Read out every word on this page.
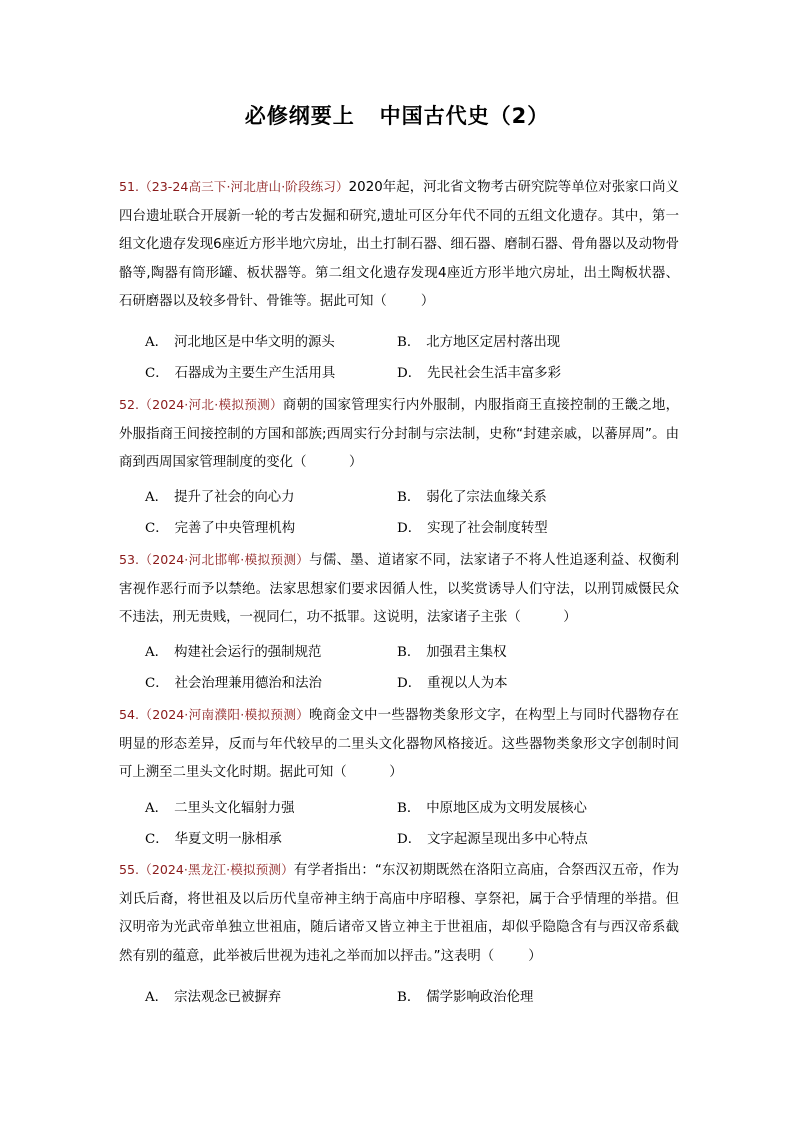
必修纲要上   中国古代史（2）
51.（23-24高三下·河北唐山·阶段练习）2020年起，河北省文物考古研究院等单位对张家口尚义四台遗址联合开展新一轮的考古发掘和研究,遗址可区分年代不同的五组文化遗存。其中，第一组文化遗存发现6座近方形半地穴房址，出土打制石器、细石器、磨制石器、骨角器以及动物骨骼等,陶器有筒形罐、板状器等。第二组文化遗存发现4座近方形半地穴房址，出土陶板状器、石研磨器以及较多骨针、骨锥等。据此可知（        ）
A． 河北地区是中华文明的源头	B． 北方地区定居村落出现
C． 石器成为主要生产生活用具	D． 先民社会生活丰富多彩
52.（2024·河北·模拟预测）商朝的国家管理实行内外服制，内服指商王直接控制的王畿之地，外服指商王间接控制的方国和部族;西周实行分封制与宗法制，史称“封建亲戚，以蕃屏周”。由商到西周国家管理制度的变化（          ）
A． 提升了社会的向心力	B． 弱化了宗法血缘关系
C． 完善了中央管理机构	D． 实现了社会制度转型
53.（2024·河北邯郸·模拟预测）与儒、墨、道诸家不同，法家诸子不将人性追逐利益、权衡利害视作恶行而予以禁绝。法家思想家们要求因循人性，以奖赏诱导人们守法，以刑罚威慑民众不违法，刑无贵贱，一视同仁，功不抵罪。这说明，法家诸子主张（          ）
A． 构建社会运行的强制规范	B． 加强君主集权
C． 社会治理兼用德治和法治	D． 重视以人为本
54.（2024·河南濮阳·模拟预测）晚商金文中一些器物类象形文字，在构型上与同时代器物存在明显的形态差异，反而与年代较早的二里头文化器物风格接近。这些器物类象形文字创制时间可上溯至二里头文化时期。据此可知（          ）
A． 二里头文化辐射力强	B． 中原地区成为文明发展核心
C． 华夏文明一脉相承	D． 文字起源呈现出多中心特点
55.（2024·黑龙江·模拟预测）有学者指出：“东汉初期既然在洛阳立高庙，合祭西汉五帝，作为刘氏后裔，将世祖及以后历代皇帝神主纳于高庙中序昭穆、享祭祀，属于合乎情理的举措。但汉明帝为光武帝单独立世祖庙，随后诸帝又皆立神主于世祖庙，却似乎隐隐含有与西汉帝系截然有别的蕴意，此举被后世视为违礼之举而加以抨击。”这表明（        ）
A． 宗法观念已被摒弃	B． 儒学影响政治伦理
